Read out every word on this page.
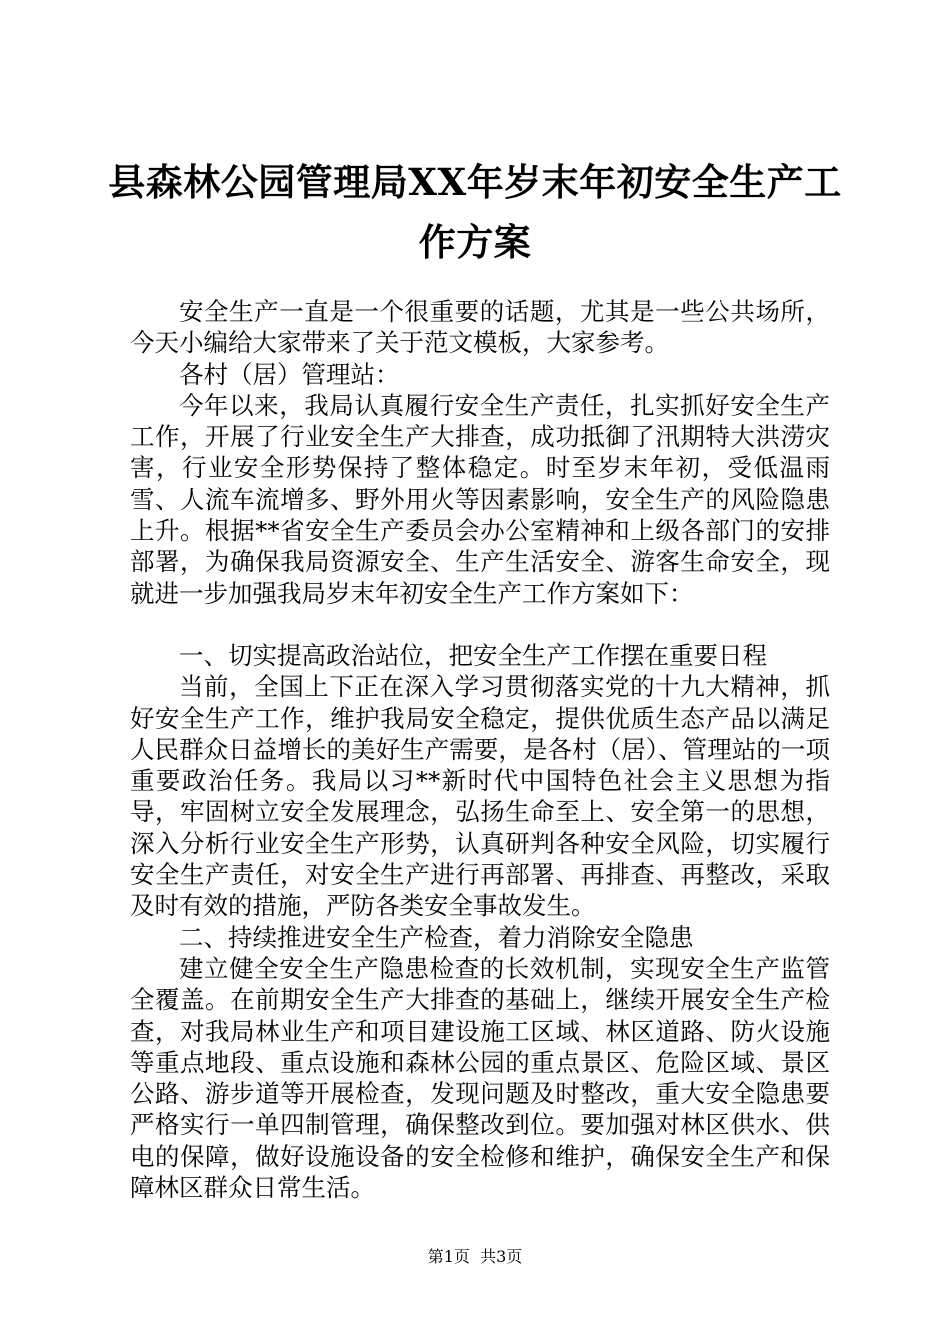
县森林公园管理局XX年岁末年初安全生产工
作方案

安全生产一直是一个很重要的话题，尤其是一些公共场所，今天小编给大家带来了关于范文模板，大家参考。

各村（居）管理站：

今年以来，我局认真履行安全生产责任，扎实抓好安全生产工作，开展了行业安全生产大排查，成功抵御了汛期特大洪涝灾害，行业安全形势保持了整体稳定。时至岁末年初，受低温雨雪、人流车流增多、野外用火等因素影响，安全生产的风险隐患上升。根据**省安全生产委员会办公室精神和上级各部门的安排部署，为确保我局资源安全、生产生活安全、游客生命安全，现就进一步加强我局岁末年初安全生产工作方案如下：

一、切实提高政治站位，把安全生产工作摆在重要日程

当前，全国上下正在深入学习贯彻落实党的十九大精神，抓好安全生产工作，维护我局安全稳定，提供优质生态产品以满足人民群众日益增长的美好生产需要，是各村（居）、管理站的一项重要政治任务。我局以习**新时代中国特色社会主义思想为指导，牢固树立安全发展理念，弘扬生命至上、安全第一的思想，深入分析行业安全生产形势，认真研判各种安全风险，切实履行安全生产责任，对安全生产进行再部署、再排查、再整改，采取及时有效的措施，严防各类安全事故发生。

二、持续推进安全生产检查，着力消除安全隐患

建立健全安全生产隐患检查的长效机制，实现安全生产监管全覆盖。在前期安全生产大排查的基础上，继续开展安全生产检查，对我局林业生产和项目建设施工区域、林区道路、防火设施等重点地段、重点设施和森林公园的重点景区、危险区域、景区公路、游步道等开展检查，发现问题及时整改，重大安全隐患要严格实行一单四制管理，确保整改到位。要加强对林区供水、供电的保障，做好设施设备的安全检修和维护，确保安全生产和保障林区群众日常生活。

第1页  共3页
